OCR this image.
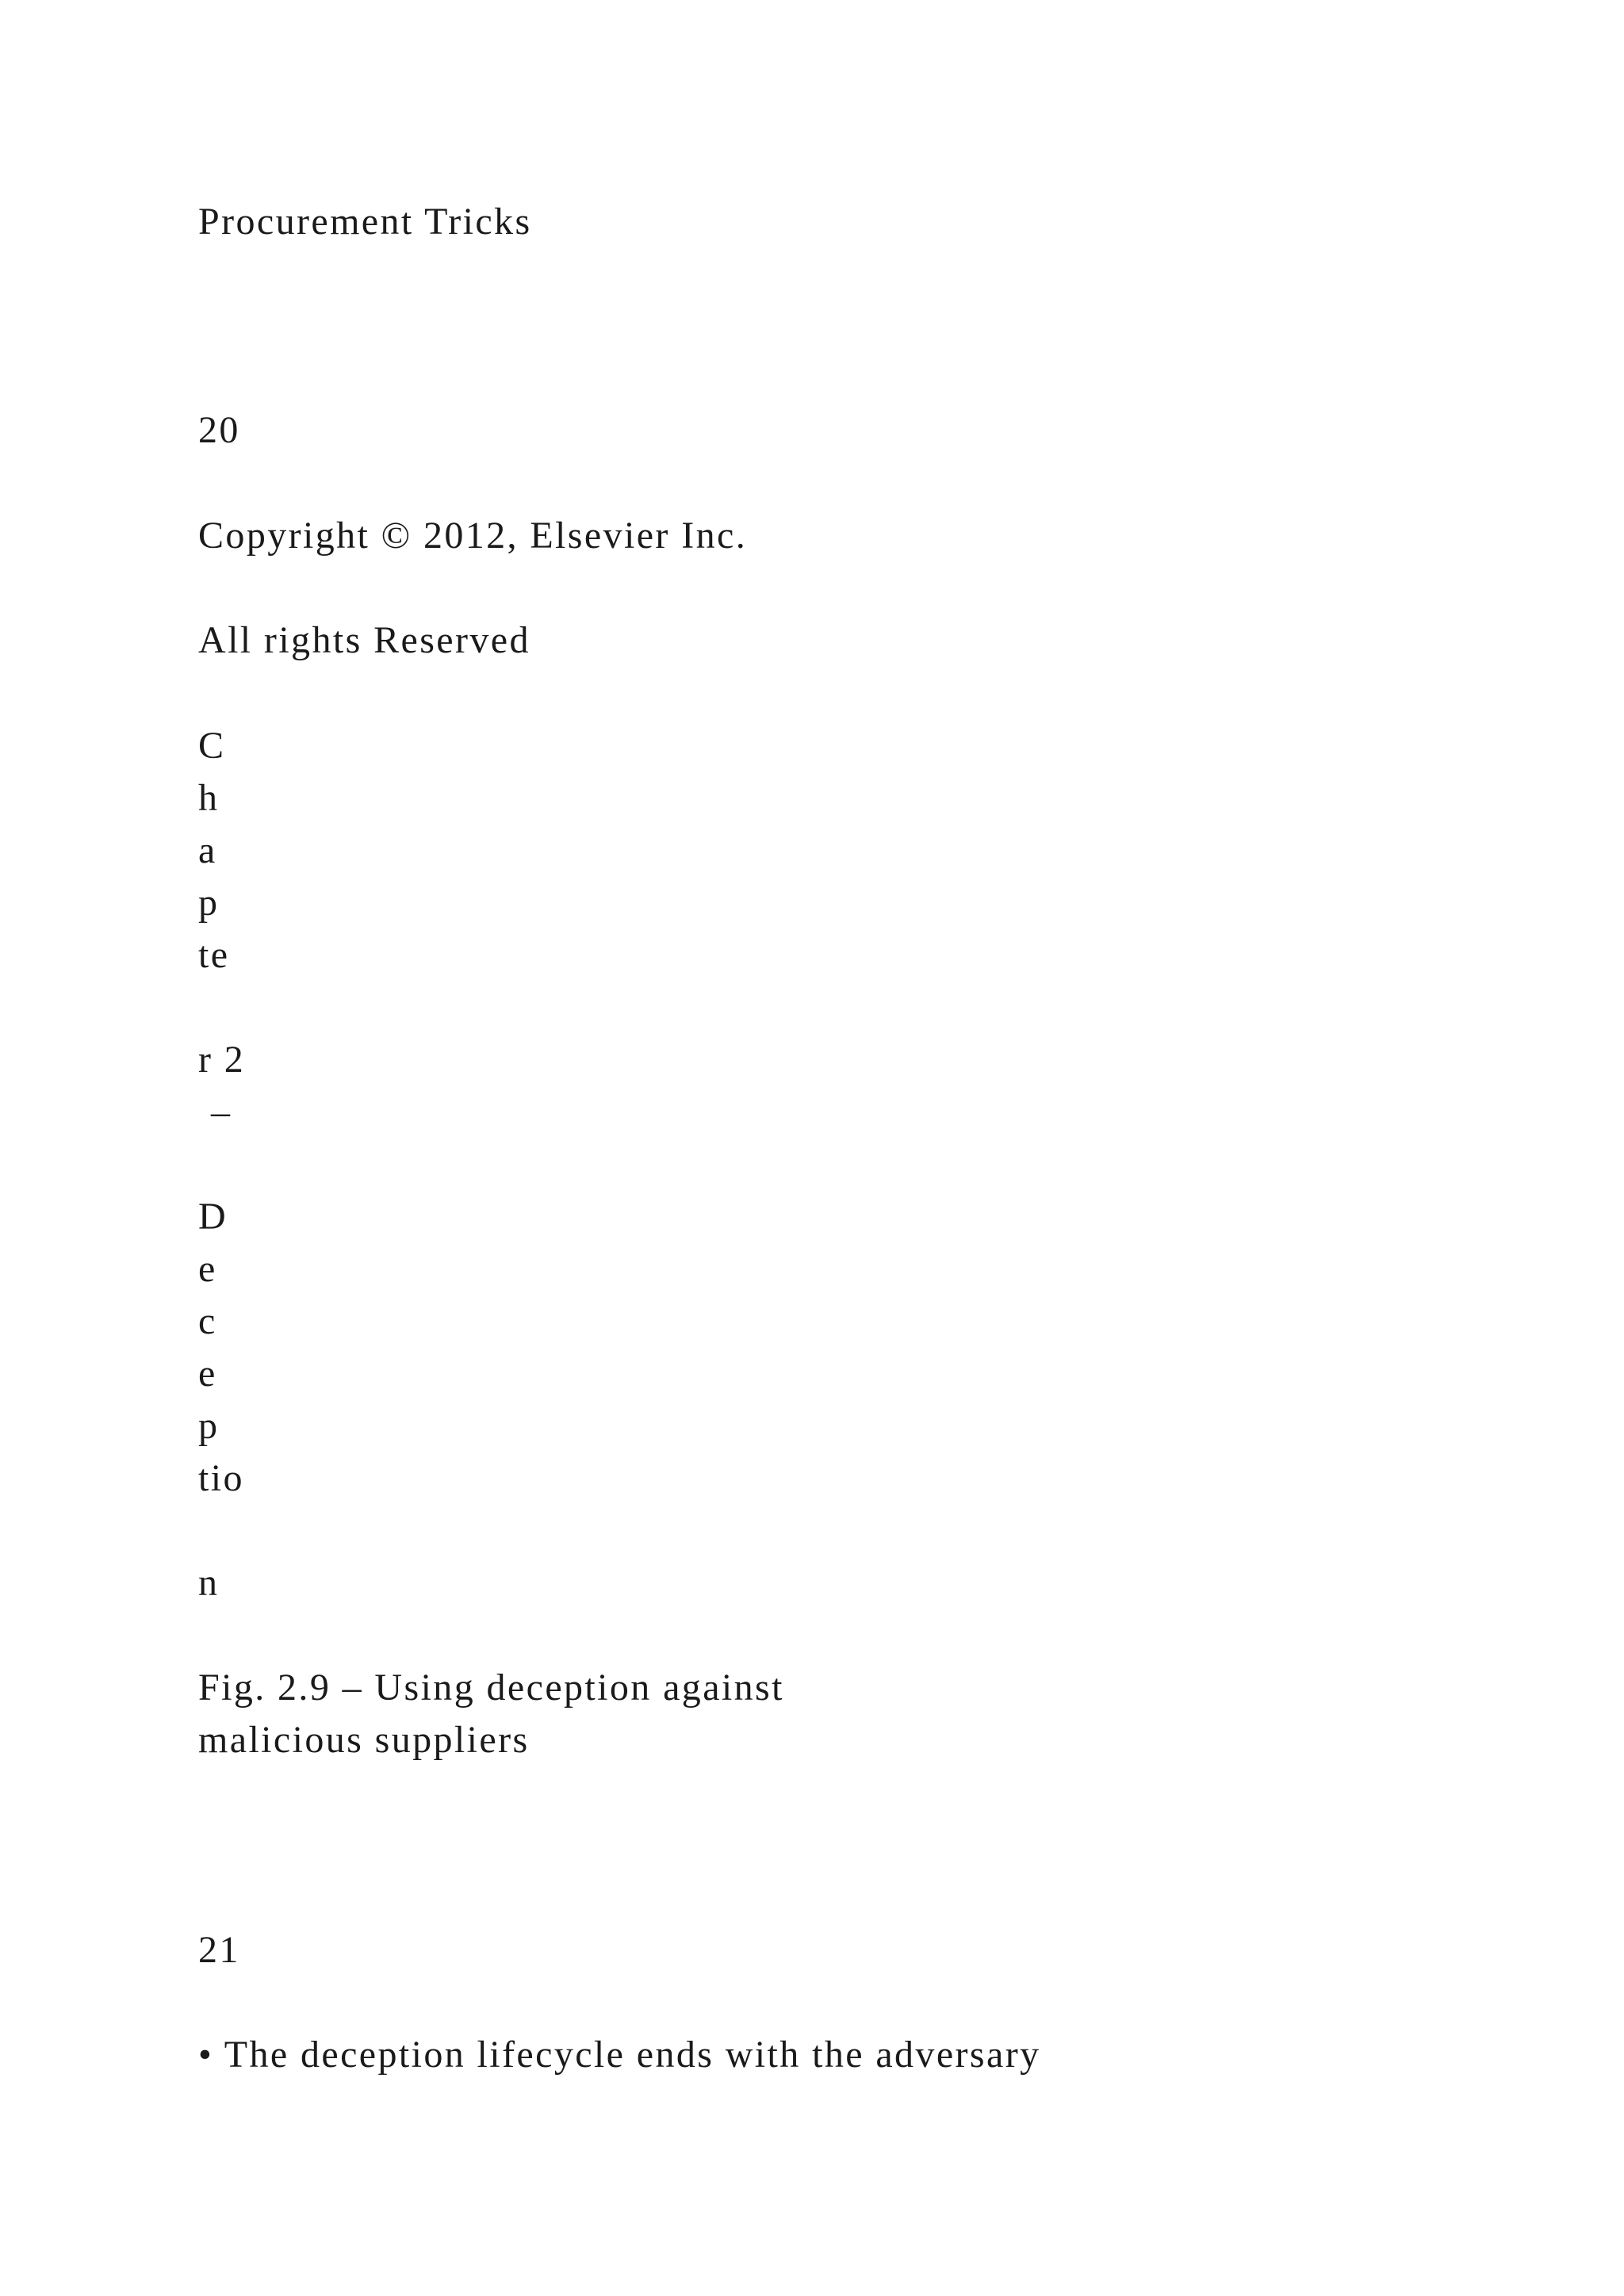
Procurement Tricks

20

Copyright © 2012, Elsevier Inc.

All rights Reserved

C

h

a

p

te

r 2

–

D

e

c

e

p

tio

n

Fig. 2.9 – Using deception against

malicious suppliers

21

• The deception lifecycle ends with the adversary
